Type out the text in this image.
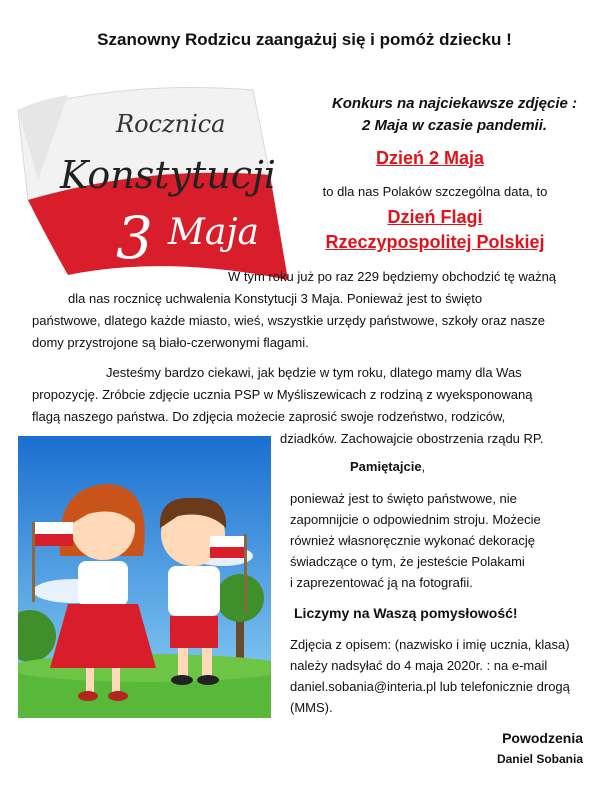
Szanowny Rodzicu zaangażuj się i pomóż dziecku !
Rocznica
Konstytucji
3 Maja
Konkurs na najciekawsze zdjęcie :
2 Maja w czasie pandemii.
Dzień 2 Maja
to dla nas Polaków szczególna data, to
Dzień Flagi
Rzeczypospolitej Polskiej
W tym roku już po raz 229 będziemy obchodzić tę ważną
dla nas rocznicę uchwalenia Konstytucji 3 Maja. Ponieważ jest to święto
państwowe, dlatego każde miasto, wieś, wszystkie urzędy państwowe, szkoły oraz nasze
domy przystrojone są biało-czerwonymi flagami.
Jesteśmy bardzo ciekawi, jak będzie w tym roku, dlatego mamy dla Was
propozycję. Zróbcie zdjęcie ucznia PSP w Myśliszewicach z rodziną z wyeksponowaną
flagą naszego państwa. Do zdjęcia możecie zaprosić swoje rodzeństwo, rodziców,
dziadków. Zachowajcie obostrzenia rządu RP.
Pamiętajcie,
ponieważ jest to święto państwowe, nie
zapomnijcie o odpowiednim stroju. Możecie
również własnoręcznie wykonać dekorację
świadczące o tym, że jesteście Polakami
i zaprezentować ją na fotografii.
Liczymy na Waszą pomysłowość!
Zdjęcia z opisem: (nazwisko i imię ucznia, klasa)
należy nadsyłać do 4 maja 2020r. : na e-mail
daniel.sobania@interia.pl lub telefonicznie drogą
(MMS).
Powodzenia
Daniel Sobania
